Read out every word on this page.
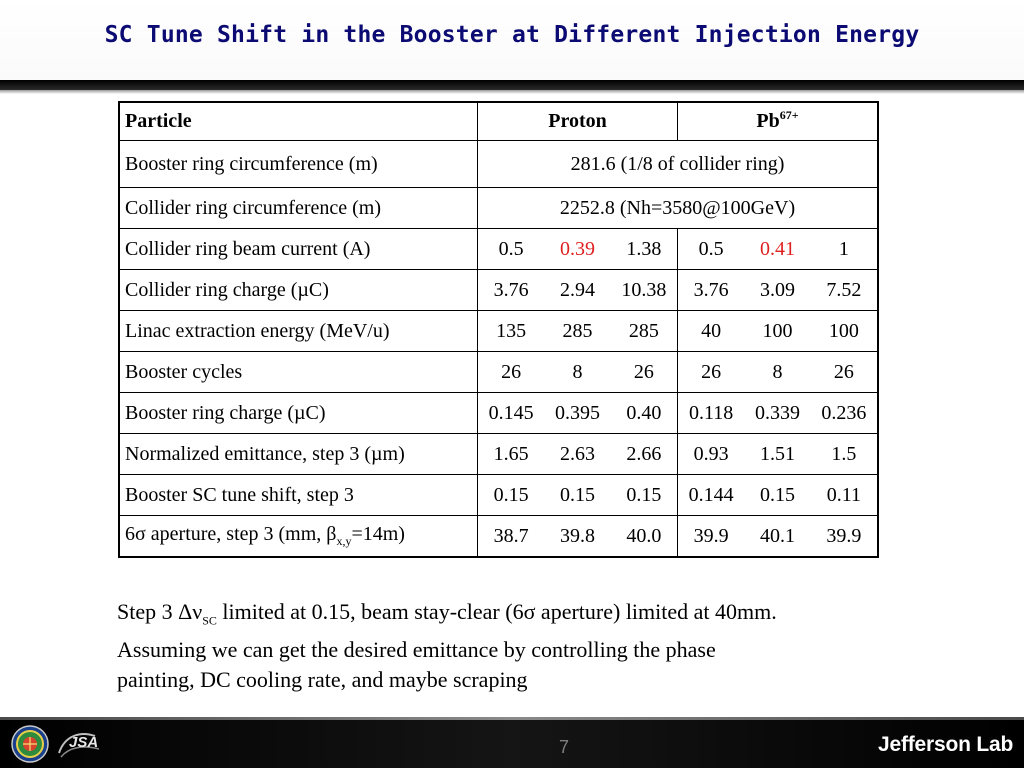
SC Tune Shift in the Booster at Different Injection Energy
Particle	Proton	$Pb^{67+}$
Booster ring circumference (m)	281.6 (1/8 of collider ring)	
Collider ring circumference (m)	2252.8 (Nh=3580@100GeV)	
Collider ring beam current (A)	0.5 0.39 1.38	0.5 0.41 1

Collider ring charge (µC)	3.76 2.94 10.38	3.76 3.09 7.52

Linac extraction energy (MeV/u)	135 285 285	40 100 100

Booster cycles	26 8 26	26 8 26

Booster ring charge (µC)	0.145 0.395 0.40	0.118 0.339 0.236

Normalized emittance, step 3 (µm)	1.65 2.63 2.66	0.93 1.51 1.5

Booster SC tune shift, step 3	0.15 0.15 0.15	0.144 0.15 0.11

6σ aperture, step 3 (mm, $\beta_{x,y}=14m$)	38.7 39.8 40.0	39.9 40.1 39.9

Step 3 $\Delta\nu_{SC}$ limited at 0.15, beam stay-clear (6σ aperture) limited at 40mm.

Assuming we can get the desired emittance by controlling the phase

painting, DC cooling rate, and maybe scraping

JSA	7	Jefferson Lab
